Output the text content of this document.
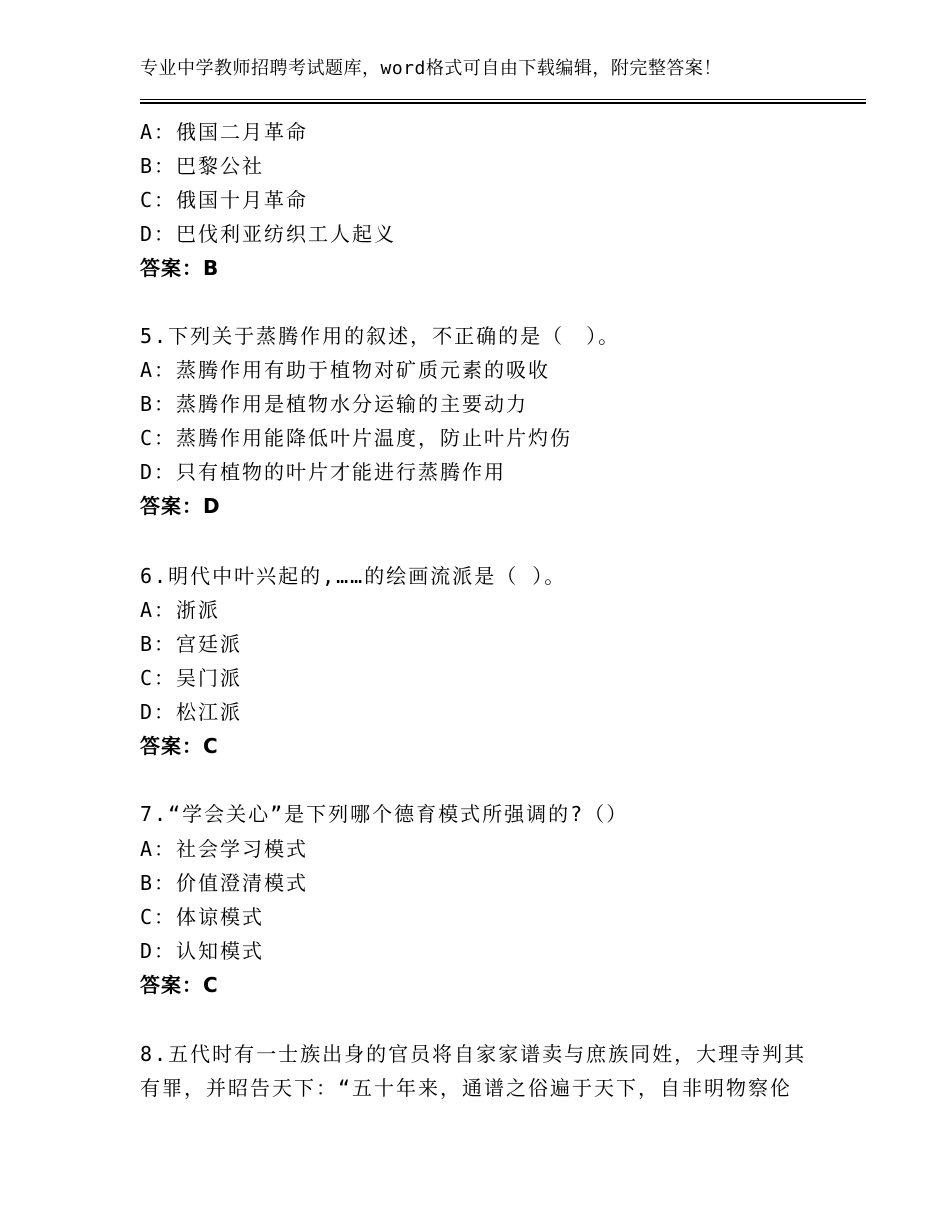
专业中学教师招聘考试题库，word格式可自由下载编辑，附完整答案！
A：俄国二月革命
B：巴黎公社
C：俄国十月革命
D：巴伐利亚纺织工人起义
答案：B
5.下列关于蒸腾作用的叙述，不正确的是（　）。
A：蒸腾作用有助于植物对矿质元素的吸收
B：蒸腾作用是植物水分运输的主要动力
C：蒸腾作用能降低叶片温度，防止叶片灼伤
D：只有植物的叶片才能进行蒸腾作用
答案：D
6.明代中叶兴起的,……的绘画流派是（ ）。
A：浙派
B：宫廷派
C：吴门派
D：松江派
答案：C
7.“学会关心”是下列哪个德育模式所强调的?（）
A：社会学习模式
B：价值澄清模式
C：体谅模式
D：认知模式
答案：C
8.五代时有一士族出身的官员将自家家谱卖与庶族同姓，大理寺判其
有罪，并昭告天下：“五十年来，通谱之俗遍于天下，自非明物察伦
